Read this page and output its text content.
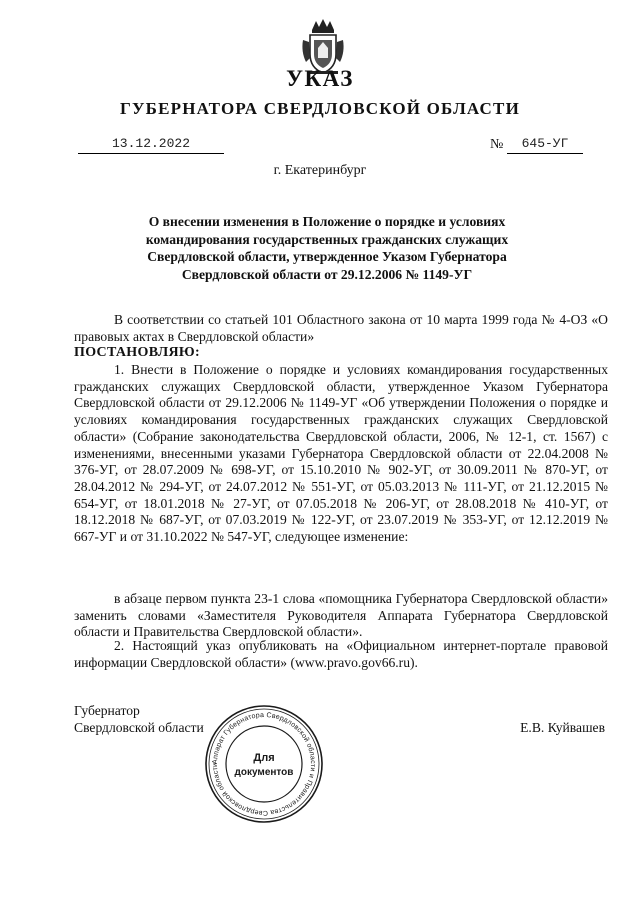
УКАЗ
ГУБЕРНАТОРА СВЕРДЛОВСКОЙ ОБЛАСТИ
13.12.2022	№	645-УГ
г. Екатеринбург
О внесении изменения в Положение о порядке и условиях командирования государственных гражданских служащих Свердловской области, утвержденное Указом Губернатора Свердловской области от 29.12.2006 № 1149-УГ
В соответствии со статьей 101 Областного закона от 10 марта 1999 года № 4-ОЗ «О правовых актах в Свердловской области»
ПОСТАНОВЛЯЮ:
1. Внести в Положение о порядке и условиях командирования государственных гражданских служащих Свердловской области, утвержденное Указом Губернатора Свердловской области от 29.12.2006 № 1149-УГ «Об утверждении Положения о порядке и условиях командирования государственных гражданских служащих Свердловской области» (Собрание законодательства Свердловской области, 2006, № 12-1, ст. 1567) с изменениями, внесенными указами Губернатора Свердловской области от 22.04.2008 № 376-УГ, от 28.07.2009 № 698-УГ, от 15.10.2010 № 902-УГ, от 30.09.2011 № 870-УГ, от 28.04.2012 № 294-УГ, от 24.07.2012 № 551-УГ, от 05.03.2013 № 111-УГ, от 21.12.2015 № 654-УГ, от 18.01.2018 № 27-УГ, от 07.05.2018 № 206-УГ, от 28.08.2018 № 410-УГ, от 18.12.2018 № 687-УГ, от 07.03.2019 № 122-УГ, от 23.07.2019 № 353-УГ, от 12.12.2019 № 667-УГ и от 31.10.2022 № 547-УГ, следующее изменение:
в абзаце первом пункта 23-1 слова «помощника Губернатора Свердловской области» заменить словами «Заместителя Руководителя Аппарата Губернатора Свердловской области и Правительства Свердловской области».
2. Настоящий указ опубликовать на «Официальном интернет-портале правовой информации Свердловской области» (www.pravo.gov66.ru).
Губернатор
Свердловской области	Е.В. Куйвашев
Аппарат Губернатора Свердловской области и Правительства Свердловской области
Для
документов
